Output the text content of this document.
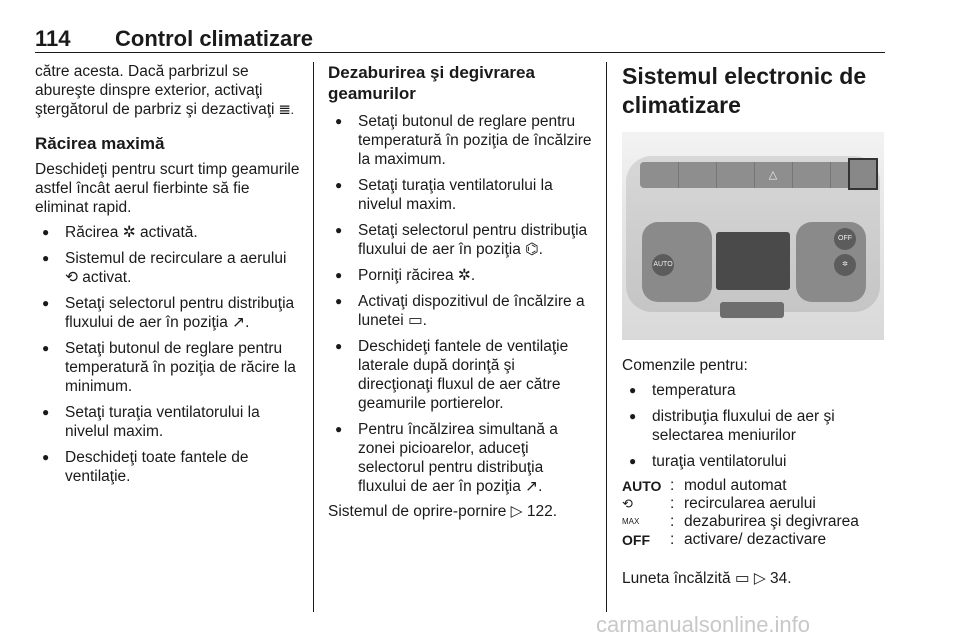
114 Control climatizare

către acesta. Dacă parbrizul se abureşte dinspre exterior, activaţi ştergătorul de parbriz şi dezactivaţi 𝌆.

Răcirea maximă

Deschideţi pentru scurt timp geamurile astfel încât aerul fierbinte să fie eliminat rapid.

● Răcirea ✲ activată.
● Sistemul de recirculare a aerului ⟲ activat.
● Setaţi selectorul pentru distribuţia fluxului de aer în poziţia ↗.
● Setaţi butonul de reglare pentru temperatură în poziţia de răcire la minimum.
● Setaţi turaţia ventilatorului la nivelul maxim.
● Deschideţi toate fantele de ventilaţie.
Dezaburirea şi degivrarea geamurilor
● Setaţi butonul de reglare pentru temperatură în poziţia de încălzire la maximum.
● Setaţi turaţia ventilatorului la nivelul maxim.
● Setaţi selectorul pentru distribuţia fluxului de aer în poziţia ⌬.
● Porniţi răcirea ✲.
● Activaţi dispozitivul de încălzire a lunetei ▭.
● Deschideţi fantele de ventilaţie laterale după dorinţă şi direcţionaţi fluxul de aer către geamurile portierelor.
● Pentru încălzirea simultană a zonei picioarelor, aduceţi selectorul pentru distribuţia fluxului de aer în poziţia ↗.

Sistemul de oprire-pornire ▷ 122.

Sistemul electronic de climatizare
△
AUTO	✲
OFF

Comenzile pentru:

● temperatura
● distribuţia fluxului de aer şi selectarea meniurilor
● turaţia ventilatorului
AUTO : modul automat
⟲	: recircularea aerului
MAX	: dezaburirea şi degivrarea
OFF	: activare/ dezactivare

Luneta încălzită ▭ ▷ 34.

carmanualsonline.info
